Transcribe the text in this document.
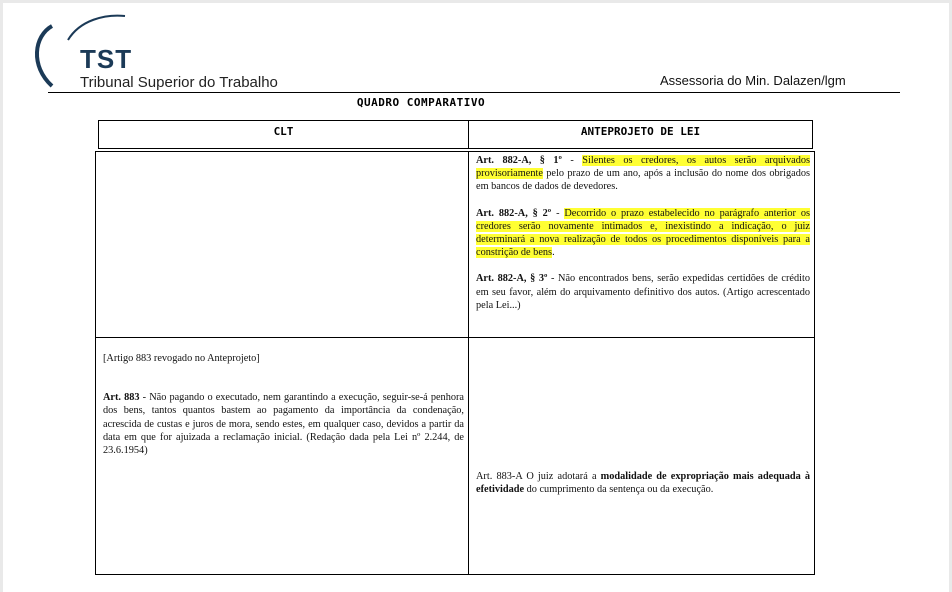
TST
Tribunal Superior do Trabalho	Assessoria do Min. Dalazen/lgm
QUADRO COMPARATIVO
CLT	ANTEPROJETO DE LEI

Art. 882-A, § 1º - Silentes os credores, os autos serão arquivados provisoriamente pelo prazo de um ano, após a inclusão do nome dos obrigados em bancos de dados de devedores.

Art. 882-A, § 2º - Decorrido o prazo estabelecido no parágrafo anterior os credores serão novamente intimados e, inexistindo a indicação, o juiz determinará a nova realização de todos os procedimentos disponíveis para a constrição de bens.

Art. 882-A, § 3º - Não encontrados bens, serão expedidas certidões de crédito em seu favor, além do arquivamento definitivo dos autos. (Artigo acrescentado pela Lei...)

[Artigo 883 revogado no Anteprojeto]

Art. 883 - Não pagando o executado, nem garantindo a execução, seguir-se-á penhora dos bens, tantos quantos bastem ao pagamento da importância da condenação, acrescida de custas e juros de mora, sendo estes, em qualquer caso, devidos a partir da data em que for ajuizada a reclamação inicial. (Redação dada pela Lei nº 2.244, de 23.6.1954)

Art. 883-A O juiz adotará a modalidade de expropriação mais adequada à efetividade do cumprimento da sentença ou da execução.
